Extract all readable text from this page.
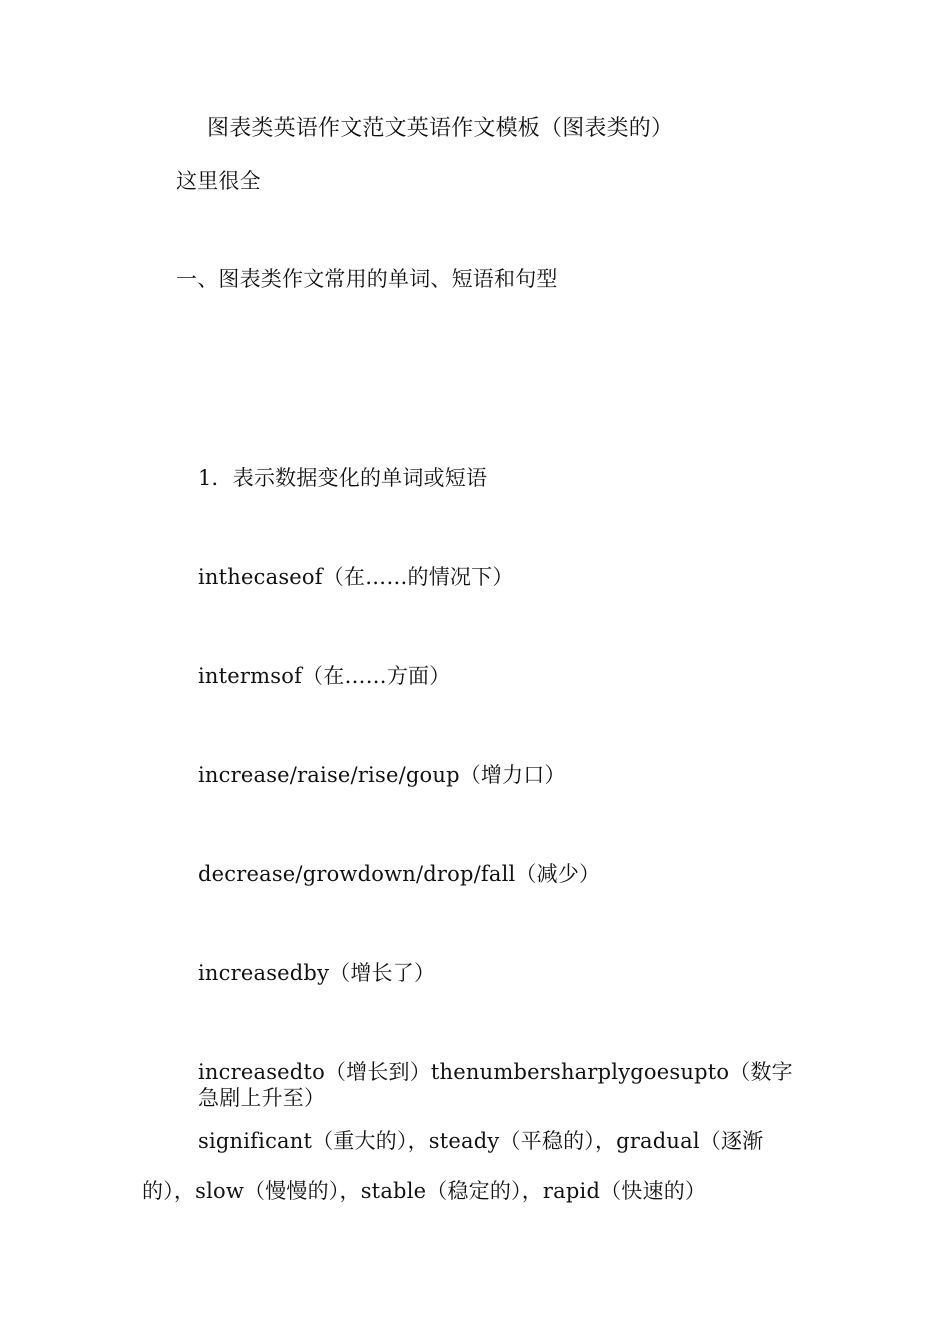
图表类英语作文范文英语作文模板（图表类的）
这里很全
一、图表类作文常用的单词、短语和句型
1．表示数据变化的单词或短语
inthecaseof（在……的情况下）
intermsof（在……方面）
increase/raise/rise/goup（增力口）
decrease/growdown/drop/fall（减少）
increasedby（增长了）
increasedto（增长到）thenumbersharplygoesupto（数字急剧上升至）
significant（重大的），steady（平稳的），gradual（逐渐
的），slow（慢慢的），stable（稳定的），rapid（快速的）
